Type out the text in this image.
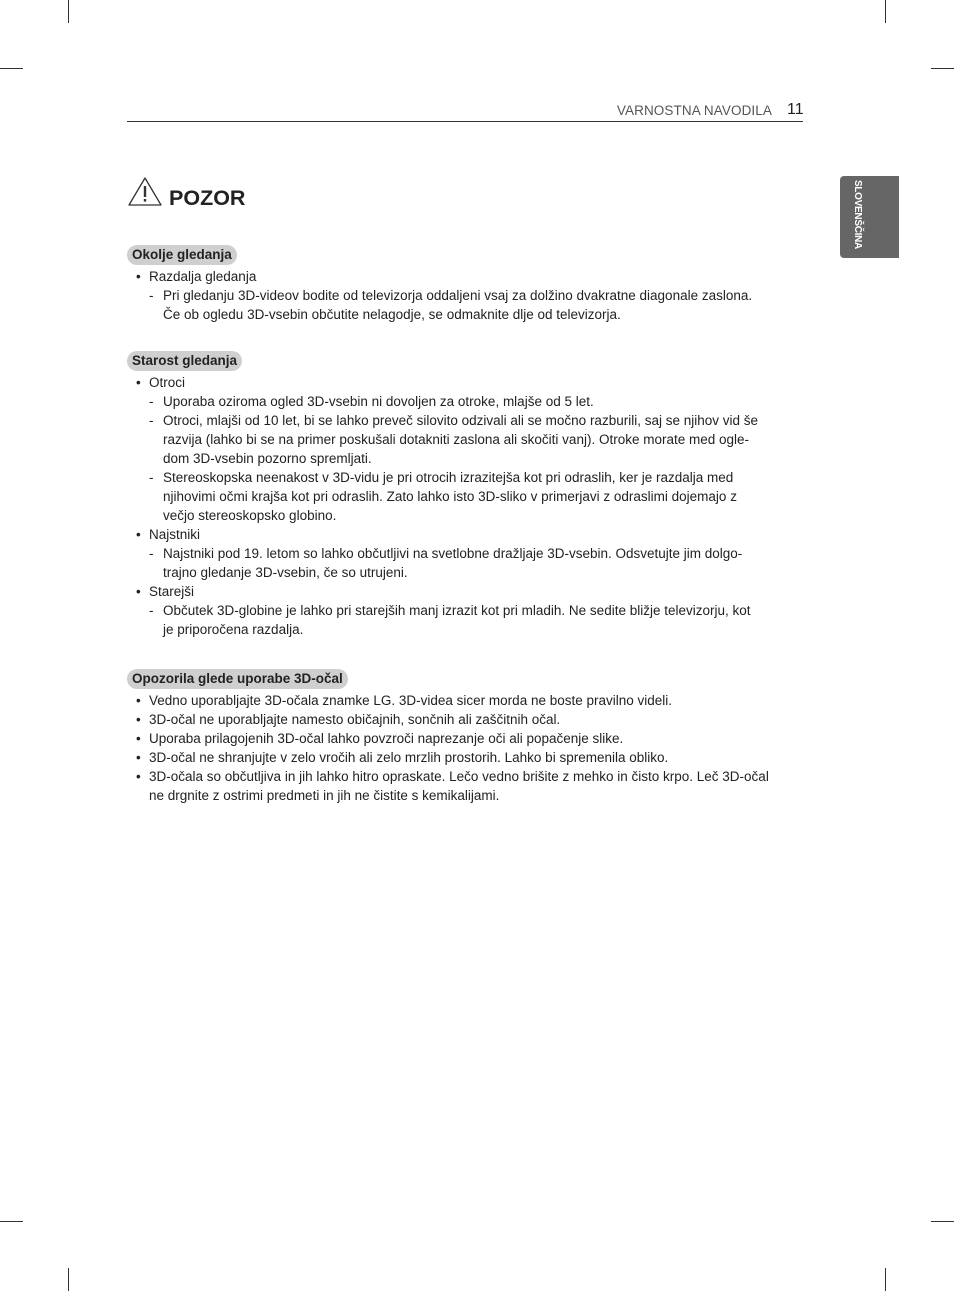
VARNOSTNA NAVODILA 11
SLOVENŠČINA
POZOR
Okolje gledanja
• Razdalja gledanja
- Pri gledanju 3D-videov bodite od televizorja oddaljeni vsaj za dolžino dvakratne diagonale zaslona.
Če ob ogledu 3D-vsebin občutite nelagodje, se odmaknite dlje od televizorja.
Starost gledanja
• Otroci
- Uporaba oziroma ogled 3D-vsebin ni dovoljen za otroke, mlajše od 5 let.
- Otroci, mlajši od 10 let, bi se lahko preveč silovito odzivali ali se močno razburili, saj se njihov vid še
razvija (lahko bi se na primer poskušali dotakniti zaslona ali skočiti vanj). Otroke morate med ogle-
dom 3D-vsebin pozorno spremljati.
- Stereoskopska neenakost v 3D-vidu je pri otrocih izrazitejša kot pri odraslih, ker je razdalja med
njihovimi očmi krajša kot pri odraslih. Zato lahko isto 3D-sliko v primerjavi z odraslimi dojemajo z
večjo stereoskopsko globino.
• Najstniki
- Najstniki pod 19. letom so lahko občutljivi na svetlobne dražljaje 3D-vsebin. Odsvetujte jim dolgo-
trajno gledanje 3D-vsebin, če so utrujeni.
• Starejši
- Občutek 3D-globine je lahko pri starejših manj izrazit kot pri mladih. Ne sedite bližje televizorju, kot
je priporočena razdalja.
Opozorila glede uporabe 3D-očal
• Vedno uporabljajte 3D-očala znamke LG. 3D-videa sicer morda ne boste pravilno videli.
• 3D-očal ne uporabljajte namesto običajnih, sončnih ali zaščitnih očal.
• Uporaba prilagojenih 3D-očal lahko povzroči naprezanje oči ali popačenje slike.
• 3D-očal ne shranjujte v zelo vročih ali zelo mrzlih prostorih. Lahko bi spremenila obliko.
• 3D-očala so občutljiva in jih lahko hitro opraskate. Lečo vedno brišite z mehko in čisto krpo. Leč 3D-očal
ne drgnite z ostrimi predmeti in jih ne čistite s kemikalijami.
